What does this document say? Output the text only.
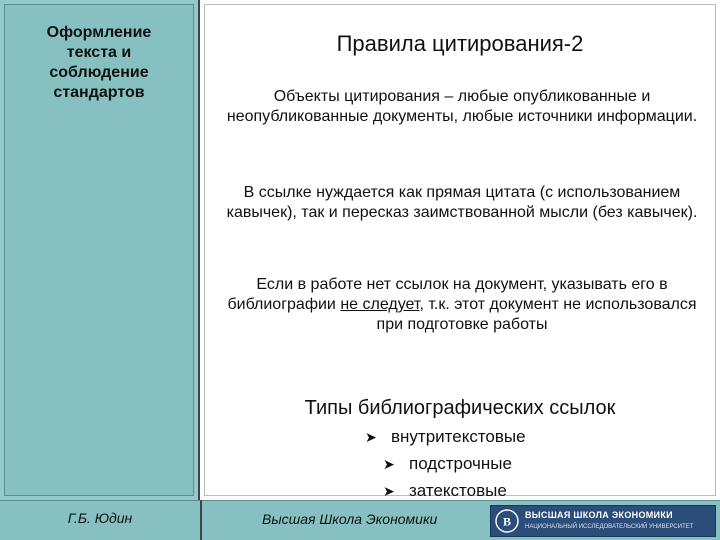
Оформление
текста и
соблюдение
стандартов
Правила цитирования-2
Объекты цитирования – любые опубликованные и неопубликованные документы, любые источники информации.
В ссылке нуждается как прямая цитата (с использованием кавычек), так и пересказ заимствованной мысли (без кавычек).
Если в работе нет ссылок на документ, указывать его в библиографии не следует, т.к. этот документ не использовался при подготовке работы
Типы библиографических ссылок
➤ внутритекстовые
➤ подстрочные
➤ затекстовые
Г.Б. Юдин	Высшая Школа Экономики	В ВЫСШАЯ ШКОЛА ЭКОНОМИКИ
НАЦИОНАЛЬНЫЙ ИССЛЕДОВАТЕЛЬСКИЙ УНИВЕРСИТЕТ
